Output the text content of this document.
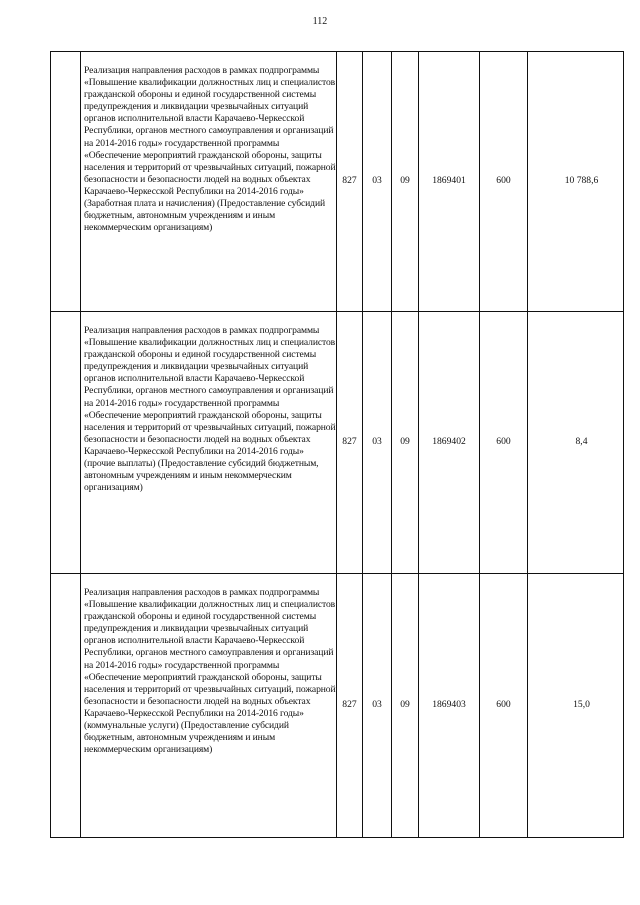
112
	Реализация направления расходов в рамках подпрограммы «Повышение квалификации должностных лиц и специалистов гражданской обороны и единой государственной системы предупреждения и ликвидации чрезвычайных ситуаций органов исполнительной власти Карачаево-Черкесской Республики, органов местного самоуправления и организаций на 2014-2016 годы» государственной программы «Обеспечение мероприятий гражданской обороны, защиты населения и территорий от чрезвычайных ситуаций, пожарной безопасности и безопасности людей на водных объектах Карачаево-Черкесской Республики на 2014-2016 годы» (Заработная плата и начисления) (Предоставление субсидий бюджетным, автономным учреждениям и иным некоммерческим организациям)	827	03	09	1869401	600	10 788,6
	Реализация направления расходов в рамках подпрограммы «Повышение квалификации должностных лиц и специалистов гражданской обороны и единой государственной системы предупреждения и ликвидации чрезвычайных ситуаций органов исполнительной власти Карачаево-Черкесской Республики, органов местного самоуправления и организаций на 2014-2016 годы» государственной программы «Обеспечение мероприятий гражданской обороны, защиты населения и территорий от чрезвычайных ситуаций, пожарной безопасности и безопасности людей на водных объектах Карачаево-Черкесской Республики на 2014-2016 годы» (прочие выплаты) (Предоставление субсидий бюджетным, автономным учреждениям и иным некоммерческим организациям)	827	03	09	1869402	600	8,4
	Реализация направления расходов в рамках подпрограммы «Повышение квалификации должностных лиц и специалистов гражданской обороны и единой государственной системы предупреждения и ликвидации чрезвычайных ситуаций органов исполнительной власти Карачаево-Черкесской Республики, органов местного самоуправления и организаций на 2014-2016 годы» государственной программы «Обеспечение мероприятий гражданской обороны, защиты населения и территорий от чрезвычайных ситуаций, пожарной безопасности и безопасности людей на водных объектах Карачаево-Черкесской Республики на 2014-2016 годы» (коммунальные услуги) (Предоставление субсидий бюджетным, автономным учреждениям и иным некоммерческим организациям)	827	03	09	1869403	600	15,0
